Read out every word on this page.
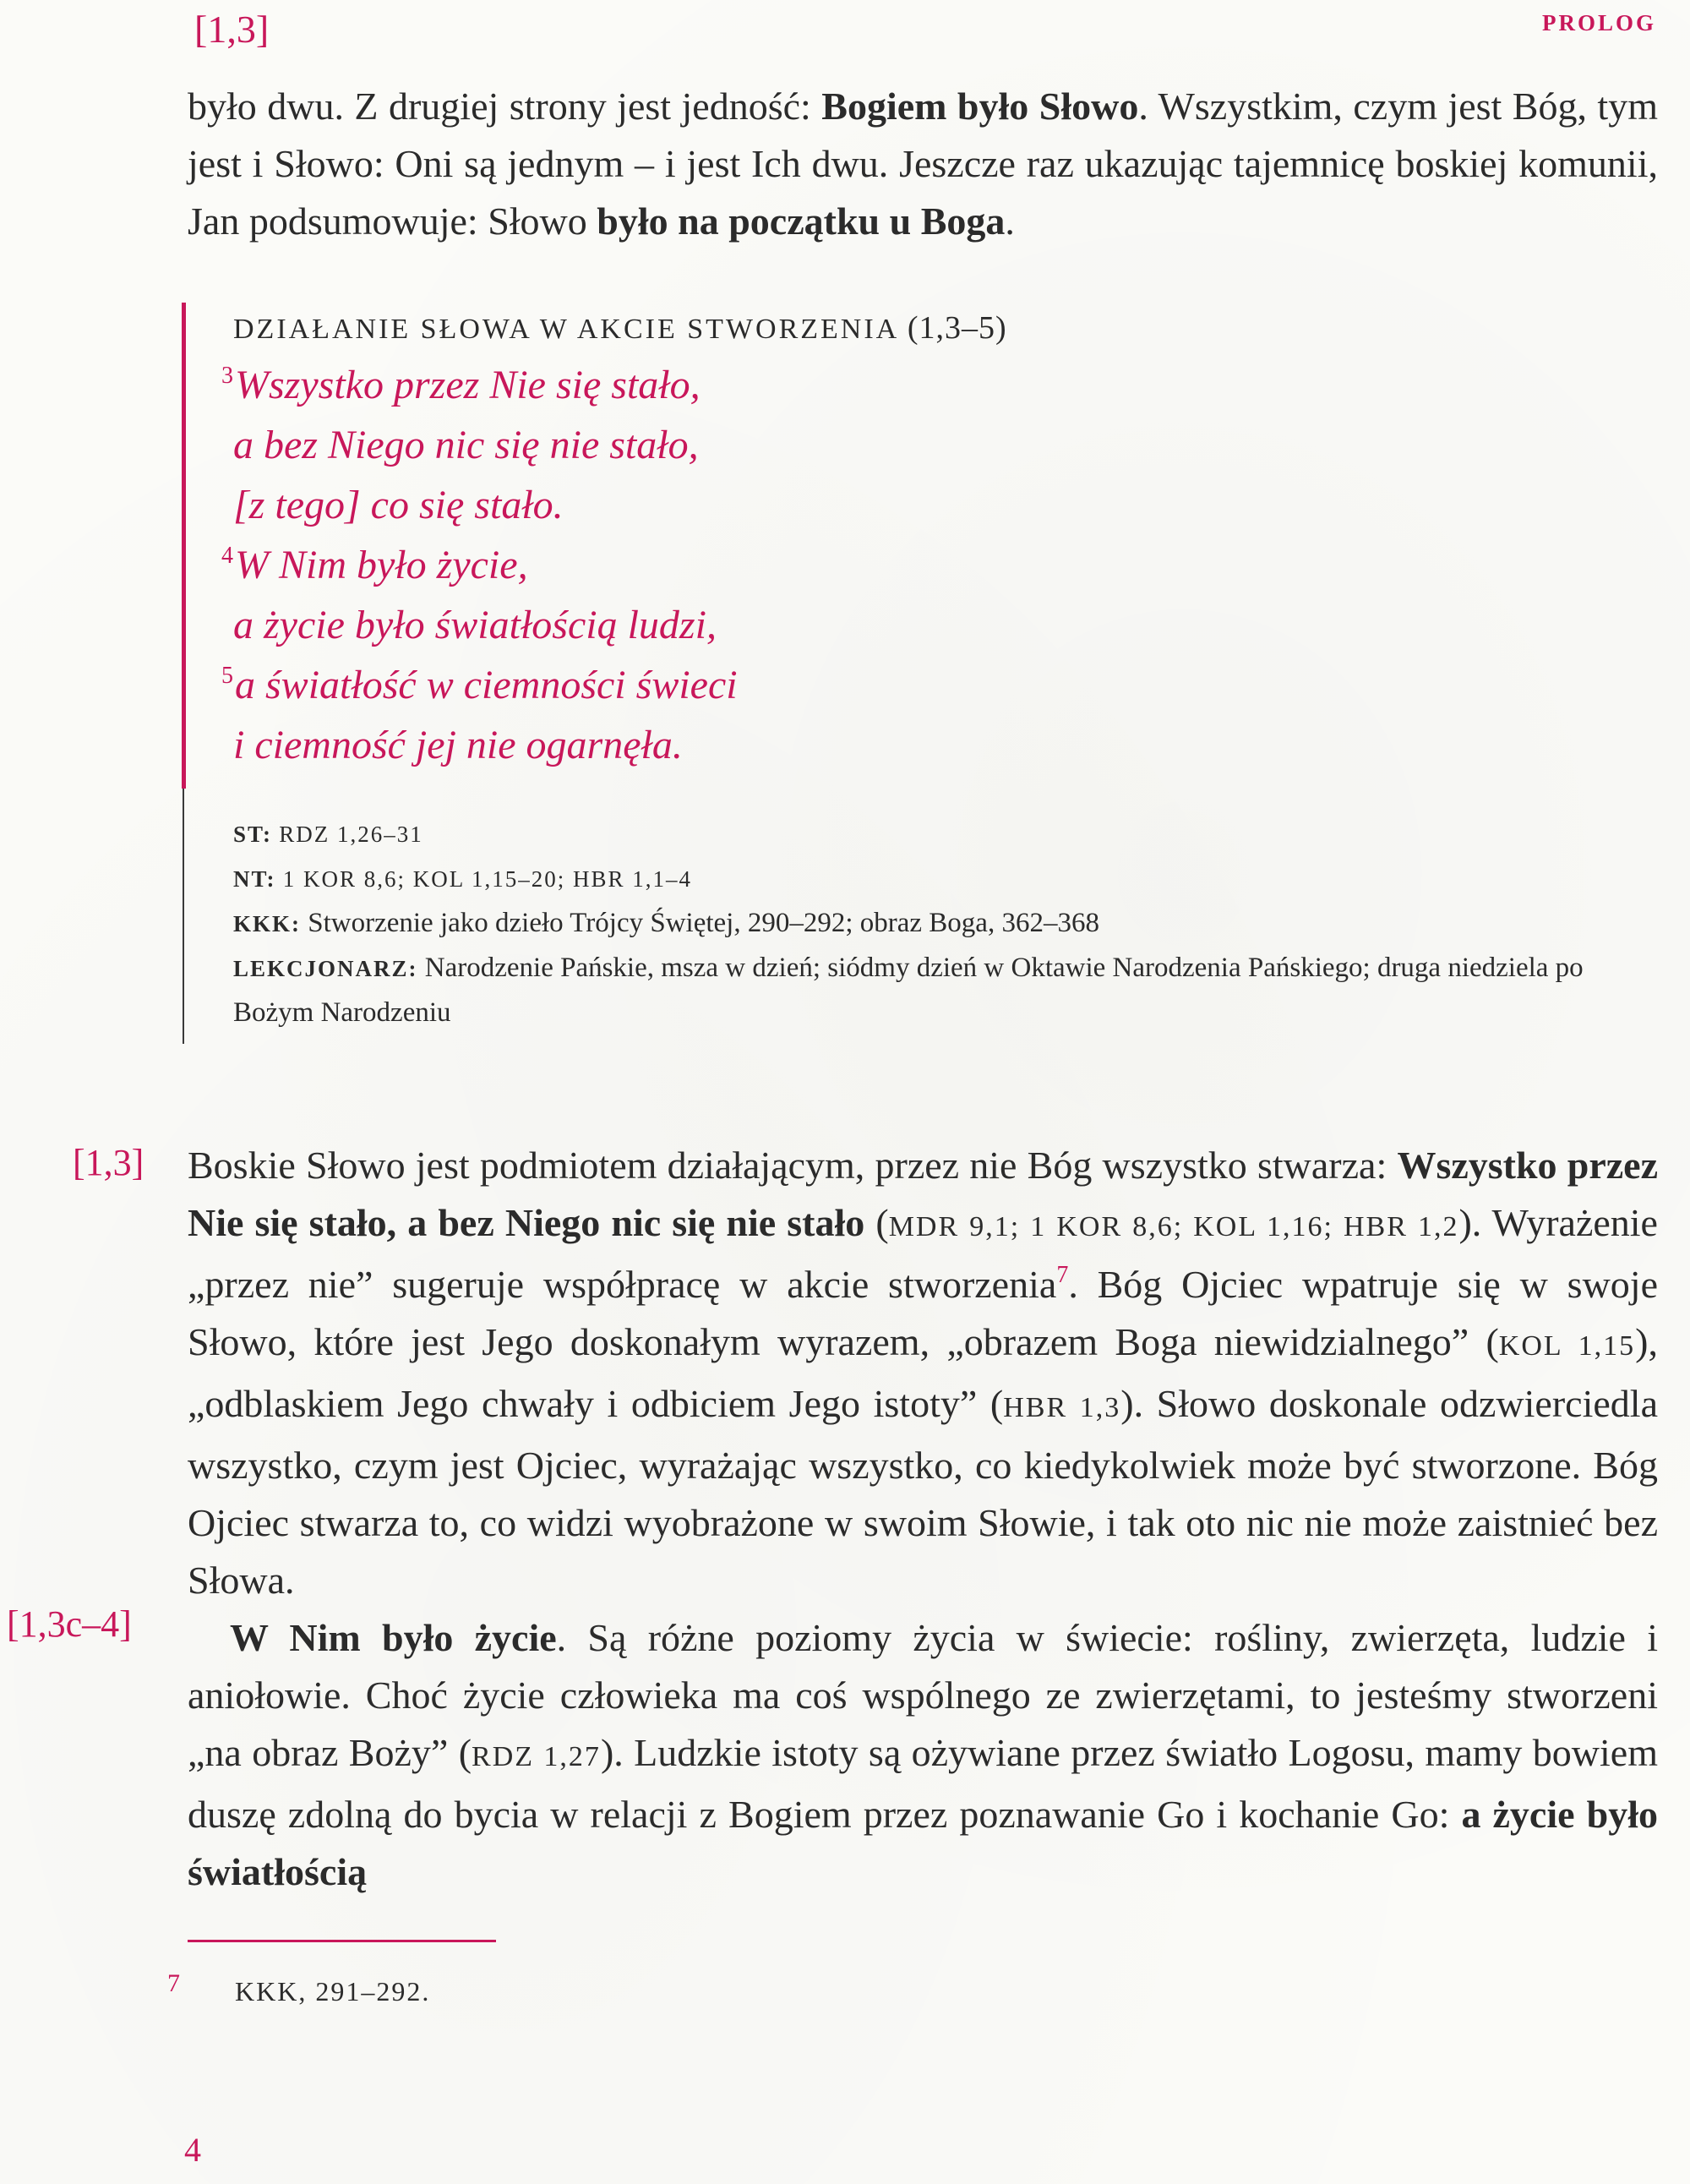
[1,3]	PROLOG

było dwu. Z drugiej strony jest jedność: Bogiem było Słowo. Wszystkim, czym jest Bóg, tym jest i Słowo: Oni są jednym – i jest Ich dwu. Jeszcze raz ukazując tajemnicę boskiej komunii, Jan podsumowuje: Słowo było na początku u Boga.

DZIAŁANIE SŁOWA W AKCIE STWORZENIA (1,3–5)
$^3$Wszystko przez Nie się stało,
a bez Niego nic się nie stało,
[z tego] co się stało.
$^4$W Nim było życie,
a życie było światłością ludzi,
$^5$a światłość w ciemności świeci
i ciemność jej nie ogarnęła.

ST: RDZ 1,26–31

NT: 1 KOR 8,6; KOL 1,15–20; HBR 1,1–4

KKK: Stworzenie jako dzieło Trójcy Świętej, 290–292; obraz Boga, 362–368

LEKCJONARZ: Narodzenie Pańskie, msza w dzień; siódmy dzień w Oktawie Narodzenia Pańskiego; druga niedziela po Bożym Narodzeniu

[1,3]
[1,3c–4]

Boskie Słowo jest podmiotem działającym, przez nie Bóg wszystko stwarza: Wszystko przez Nie się stało, a bez Niego nic się nie stało (MDR 9,1; 1 KOR 8,6; KOL 1,16; HBR 1,2). Wyrażenie „przez nie” sugeruje współpracę w akcie stworzenia$^7$. Bóg Ojciec wpatruje się w swoje Słowo, które jest Jego doskonałym wyrazem, „obrazem Boga niewidzialnego” (KOL 1,15), „odblaskiem Jego chwały i odbiciem Jego istoty” (HBR 1,3). Słowo doskonale odzwierciedla wszystko, czym jest Ojciec, wyrażając wszystko, co kiedykolwiek może być stworzone. Bóg Ojciec stwarza to, co widzi wyobrażone w swoim Słowie, i tak oto nic nie może zaistnieć bez Słowa.

W Nim było życie. Są różne poziomy życia w świecie: rośliny, zwierzęta, ludzie i aniołowie. Choć życie człowieka ma coś wspólnego ze zwierzętami, to jesteśmy stworzeni „na obraz Boży” (RDZ 1,27). Ludzkie istoty są ożywiane przez światło Logosu, mamy bowiem duszę zdolną do bycia w relacji z Bogiem przez poznawanie Go i kochanie Go: a życie było światłością

7 KKK, 291–292.
4
